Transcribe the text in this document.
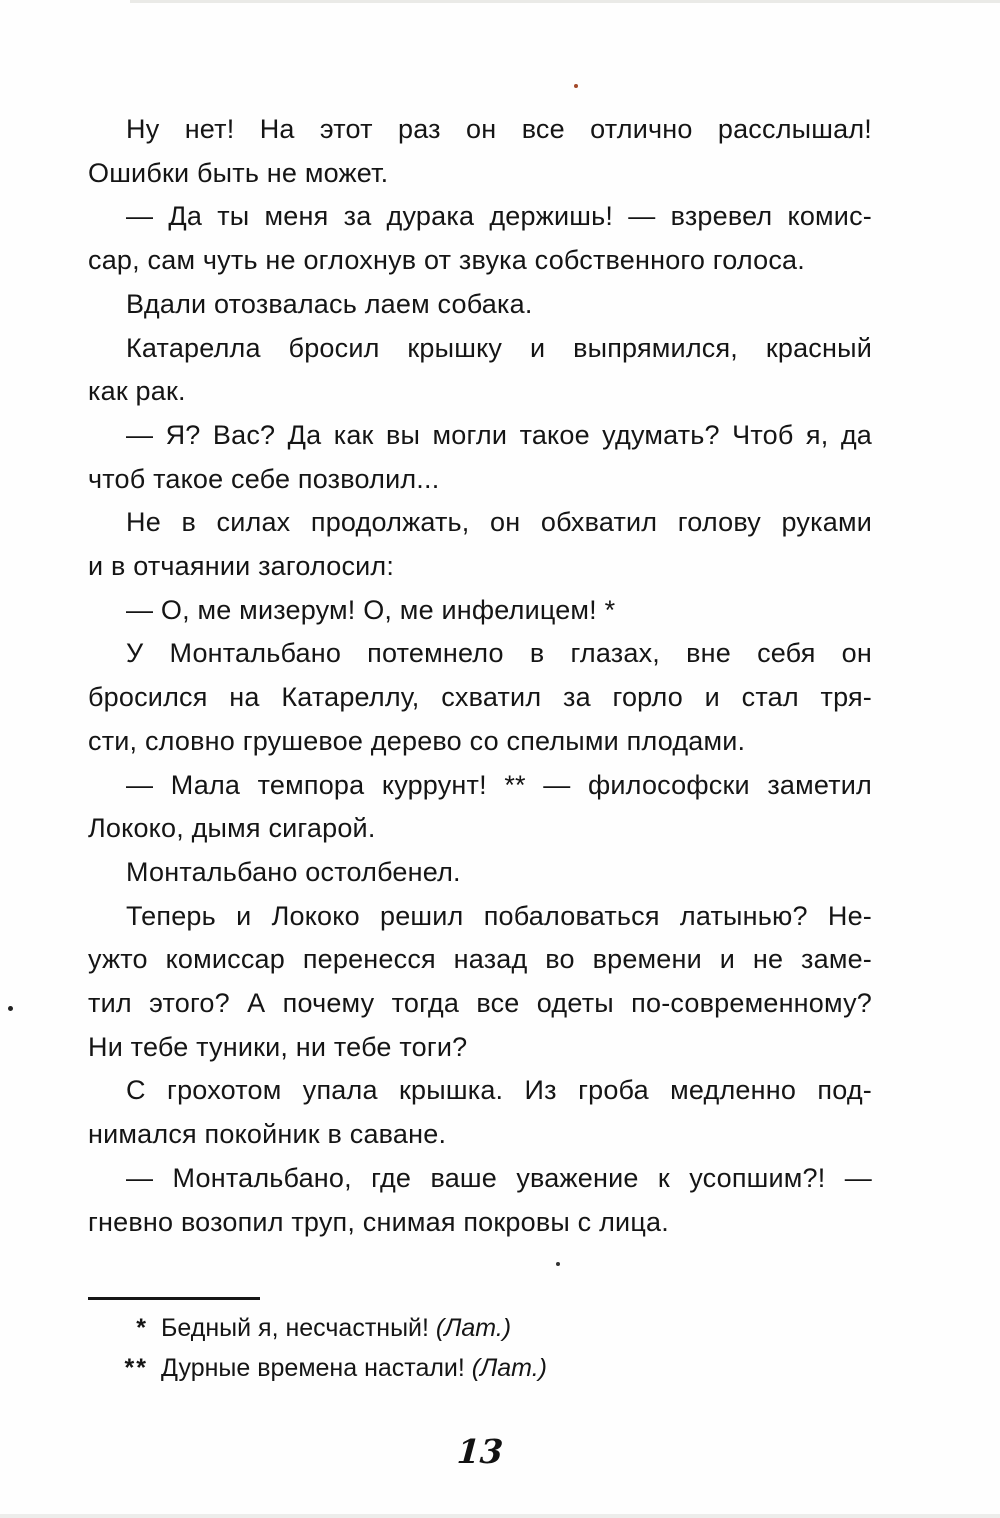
Ну нет! На этот раз он все отлично расслышал!
Ошибки быть не может.
— Да ты меня за дурака держишь! — взревел комис-
сар, сам чуть не оглохнув от звука собственного голоса.
Вдали отозвалась лаем собака.
Катарелла бросил крышку и выпрямился, красный
как рак.
— Я? Вас? Да как вы могли такое удумать? Чтоб я, да
чтоб такое себе позволил...
Не в силах продолжать, он обхватил голову руками
и в отчаянии заголосил:
— О, ме мизерум! О, ме инфелицем! *
У Монтальбано потемнело в глазах, вне себя он
бросился на Катареллу, схватил за горло и стал тря-
сти, словно грушевое дерево со спелыми плодами.
— Мала темпора куррунт! ** — философски заметил
Лококо, дымя сигарой.
Монтальбано остолбенел.
Теперь и Лококо решил побаловаться латынью? Не-
ужто комиссар перенесся назад во времени и не заме-
тил этого? А почему тогда все одеты по-современному?
Ни тебе туники, ни тебе тоги?
С грохотом упала крышка. Из гроба медленно под-
нимался покойник в саване.
— Монтальбано, где ваше уважение к усопшим?! —
гневно возопил труп, снимая покровы с лица.
* Бедный я, несчастный! (Лат.)
** Дурные времена настали! (Лат.)
13
